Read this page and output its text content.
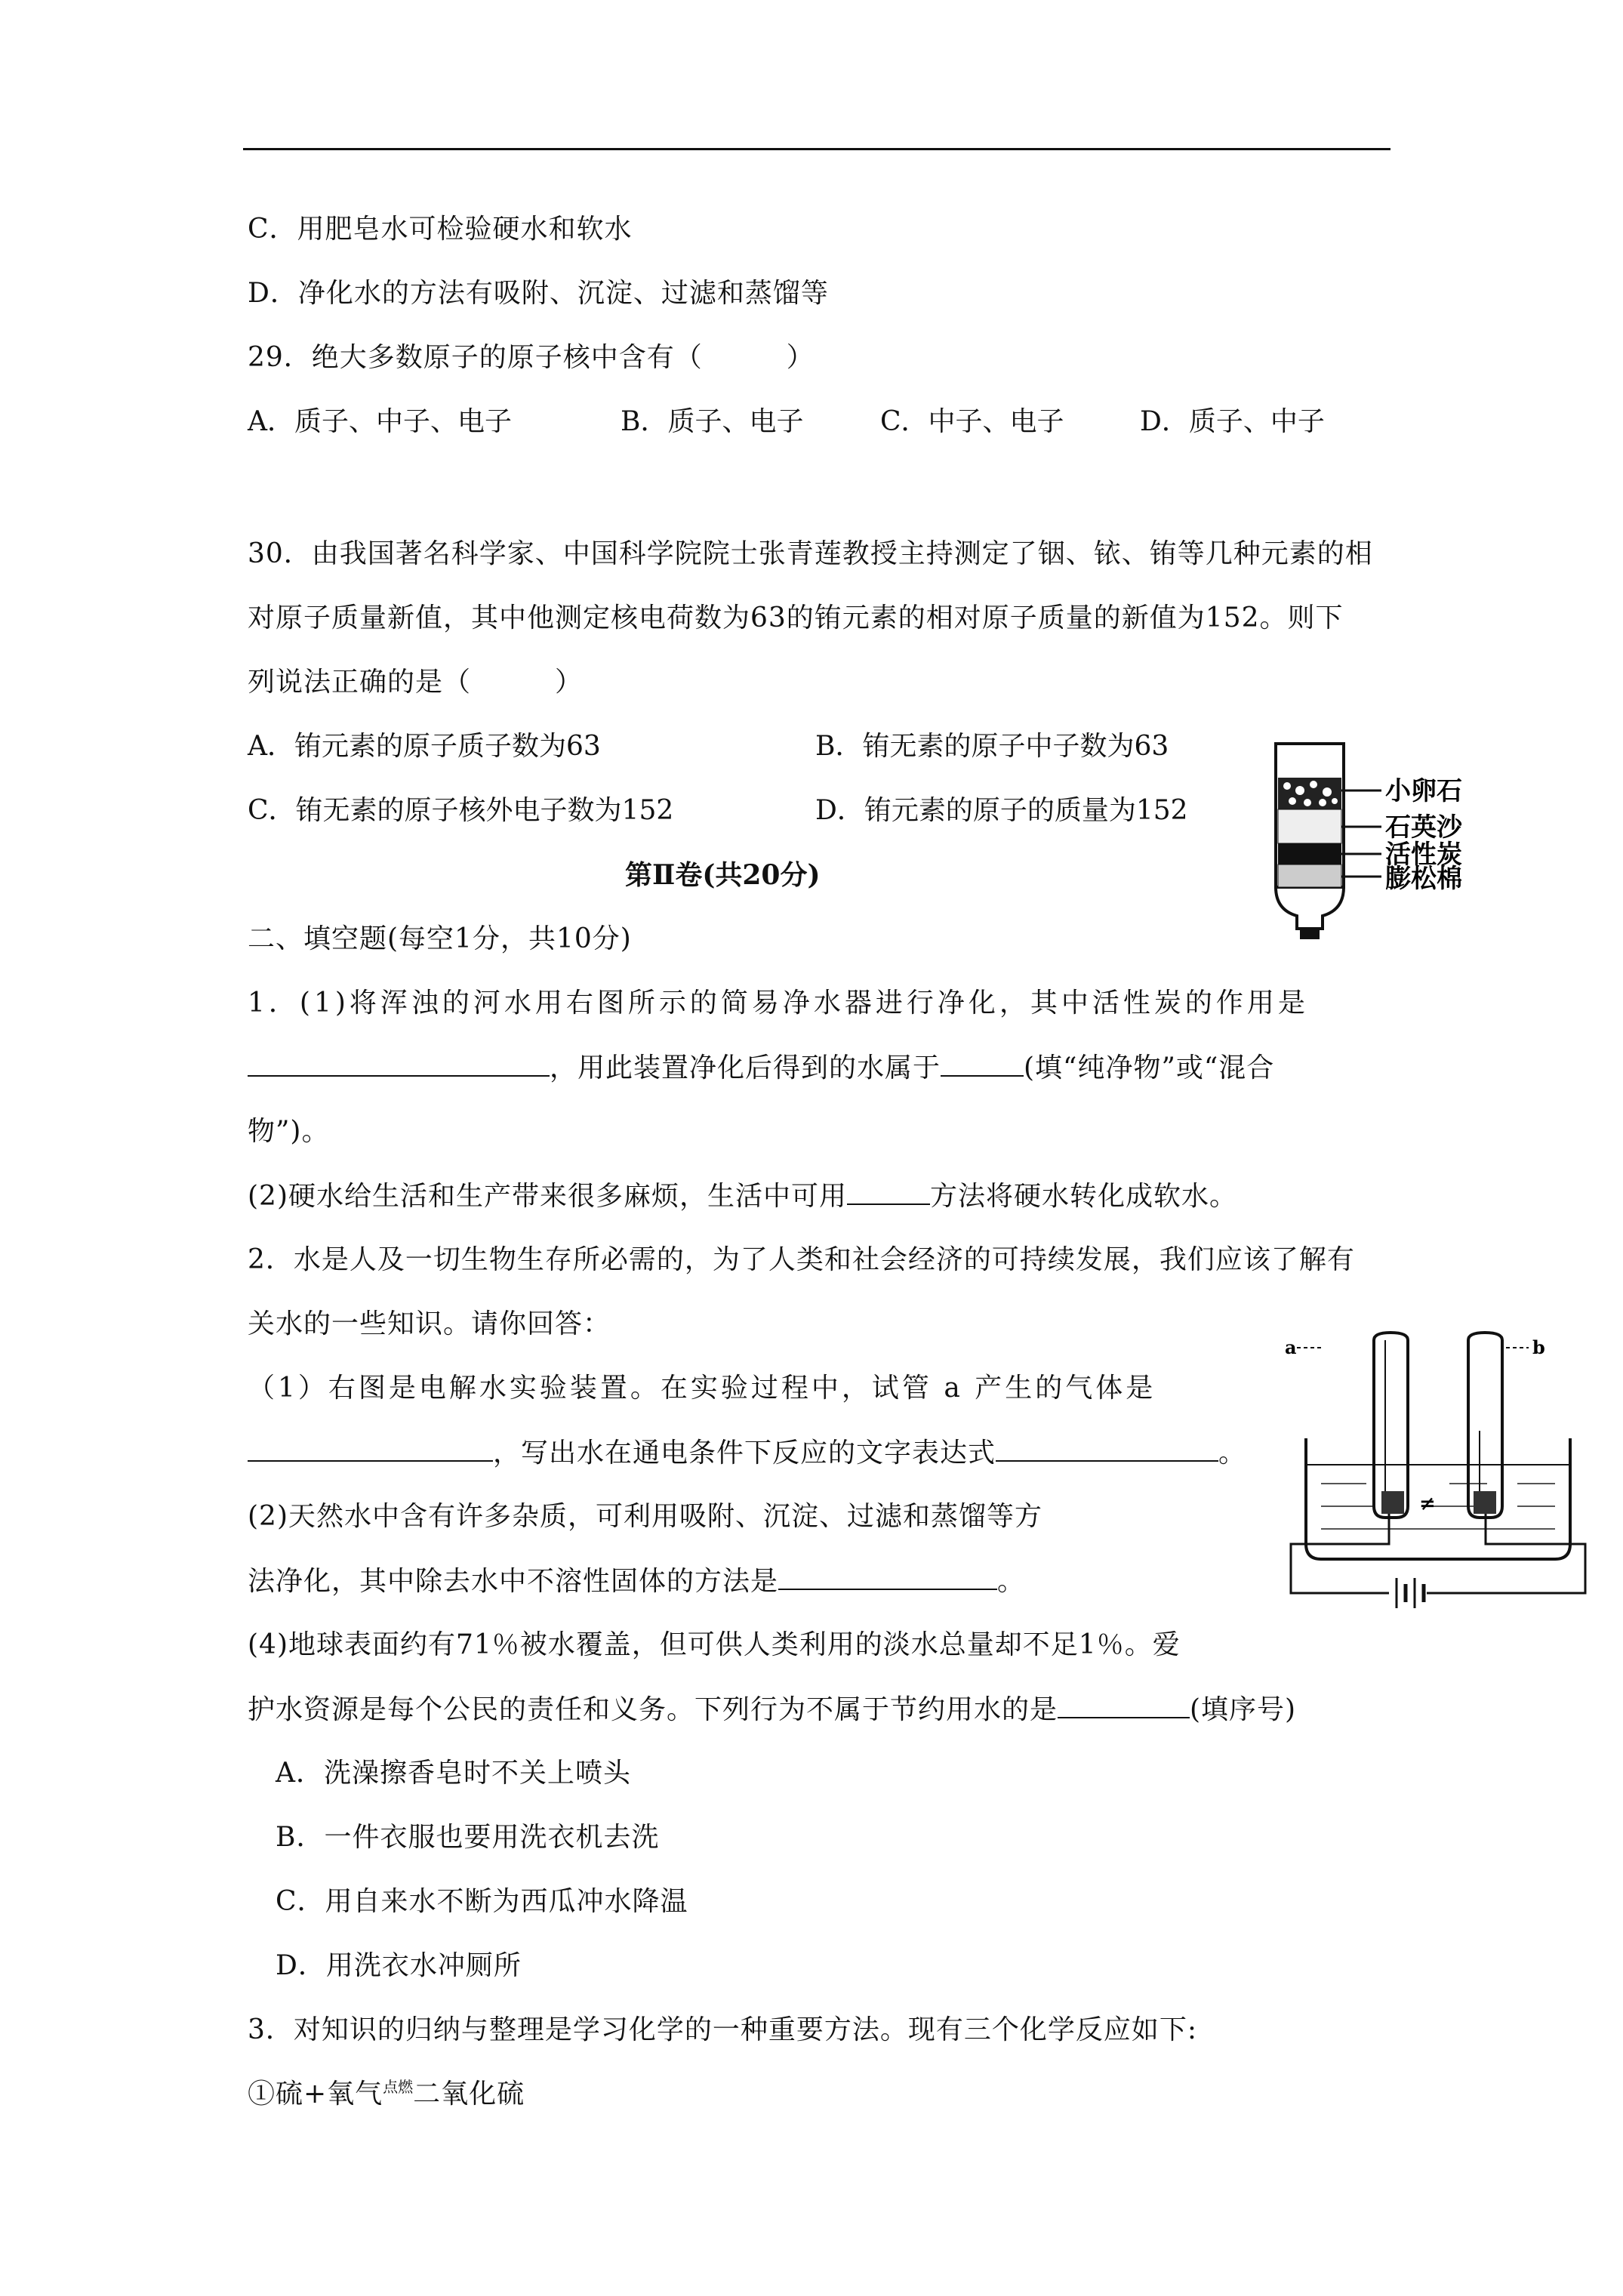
C．用肥皂水可检验硬水和软水
D．净化水的方法有吸附、沉淀、过滤和蒸馏等
29．绝大多数原子的原子核中含有（　　　）
A．质子、中子、电子	B．质子、电子	C．中子、电子	D．质子、中子
30．由我国著名科学家、中国科学院院士张青莲教授主持测定了铟、铱、铕等几种元素的相
对原子质量新值，其中他测定核电荷数为63的铕元素的相对原子质量的新值为152。则下
列说法正确的是（　　　）
A．铕元素的原子质子数为63	B．铕无素的原子中子数为63
C．铕无素的原子核外电子数为152	D．铕元素的原子的质量为152
小卵石
石英沙
活性炭
膨松棉
第Ⅱ卷(共20分)
二、填空题(每空1分，共10分)
1．(1)将浑浊的河水用右图所示的简易净水器进行净化，其中活性炭的作用是
，用此装置净化后得到的水属于	(填“纯净物”或“混合
物”)。
(2)硬水给生活和生产带来很多麻烦，生活中可用	方法将硬水转化成软水。
2．水是人及一切生物生存所必需的，为了人类和社会经济的可持续发展，我们应该了解有
关水的一些知识。请你回答：
（1）右图是电解水实验装置。在实验过程中，试管 a 产生的气体是
，写出水在通电条件下反应的文字表达式	。
(2)天然水中含有许多杂质，可利用吸附、沉淀、过滤和蒸馏等方
法净化，其中除去水中不溶性固体的方法是	。
(4)地球表面约有71％被水覆盖，但可供人类利用的淡水总量却不足1％。爱
护水资源是每个公民的责任和义务。下列行为不属于节约用水的是	(填序号)
A．洗澡擦香皂时不关上喷头
B．一件衣服也要用洗衣机去洗
C．用自来水不断为西瓜冲水降温
D．用洗衣水冲厕所
a	b
≠
3．对知识的归纳与整理是学习化学的一种重要方法。现有三个化学反应如下:
①硫+氧气$^{点燃}$二氧化硫
